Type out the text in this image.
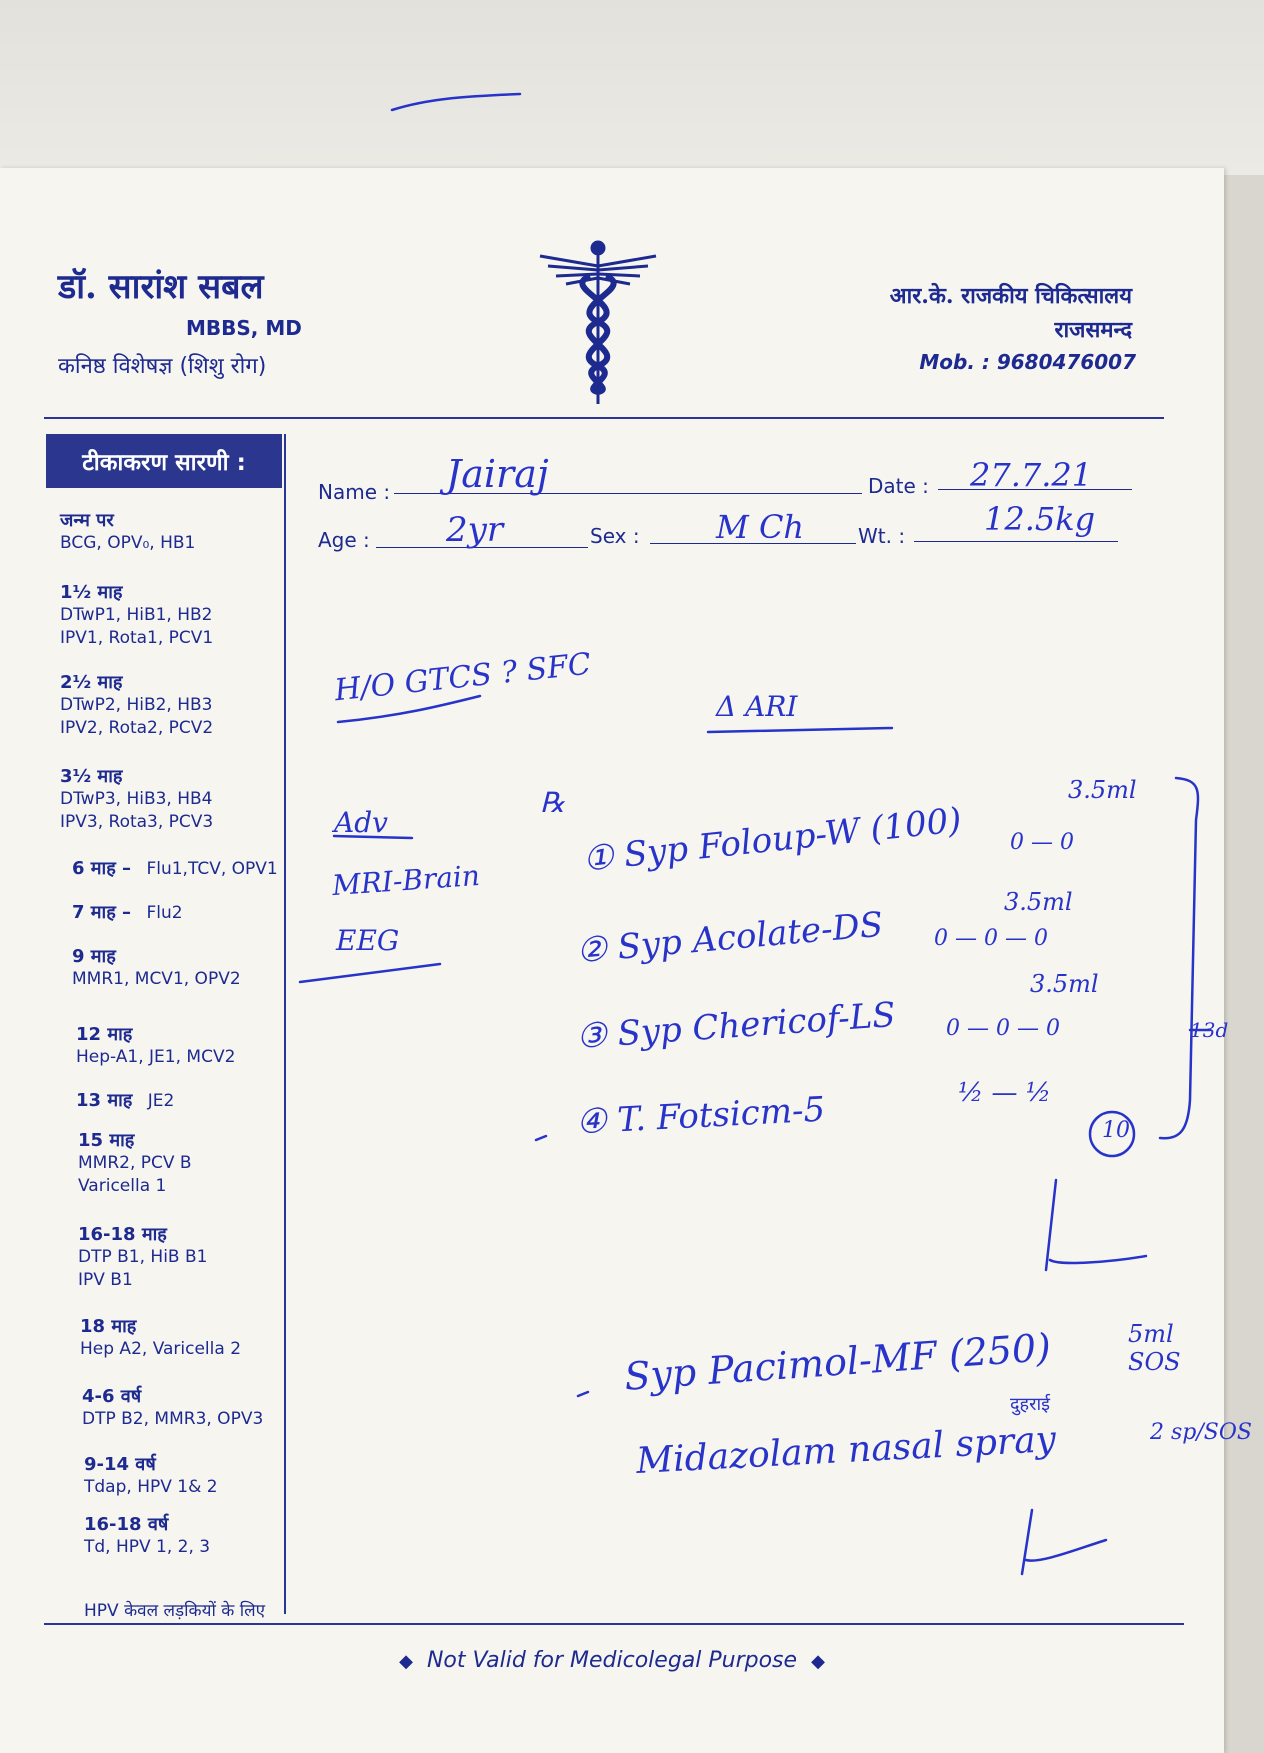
डॉ. सारांश सबल
MBBS, MD
कनिष्ठ विशेषज्ञ (शिशु रोग)
आर.के. राजकीय चिकित्सालय
राजसमन्द
Mob. : 9680476007
टीकाकरण सारणी :
जन्म पर
BCG, OPV₀, HB1
1½ माह
DTwP1, HiB1, HB2
IPV1, Rota1, PCV1
2½ माह
DTwP2, HiB2, HB3
IPV2, Rota2, PCV2
3½ माह
DTwP3, HiB3, HB4
IPV3, Rota3, PCV3
6 माह – Flu1,TCV, OPV1
7 माह – Flu2
9 माह
MMR1, MCV1, OPV2
12 माह
Hep-A1, JE1, MCV2
13 माह JE2
15 माह
MMR2, PCV B
Varicella 1
16-18 माह
DTP B1, HiB B1
IPV B1
18 माह
Hep A2, Varicella 2
4-6 वर्ष
DTP B2, MMR3, OPV3
9-14 वर्ष
Tdap, HPV 1& 2
16-18 वर्ष
Td, HPV 1, 2, 3
HPV केवल लड़कियों के लिए
Name : Jairaj	Date : 27.7.21
Age : 2yr	Sex : M Ch	Wt. : 12.5kg
H/O GTCS ? SFC	Δ ARI
℞
Adv
MRI-Brain
EEG
① Syp Foloup-W (100)
3.5ml
0 — 0
② Syp Acolate-DS
3.5ml
0 — 0 — 0
③ Syp Chericof-LS
3.5ml
0 — 0 — 0
④ T. Fotsicm-5	½ — ½
10
13d
Syp Pacimol-MF (250)	5ml SOS
दुहराई
Midazolam nasal spray	2 sp/SOS
◆ Not Valid for Medicolegal Purpose ◆
